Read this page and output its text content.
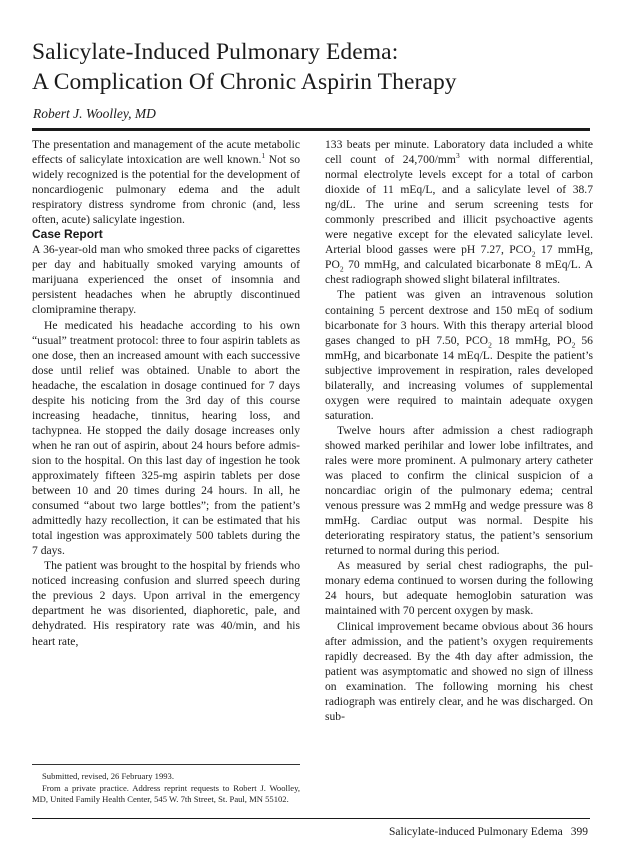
Salicylate-Induced Pulmonary Edema:
A Complication Of Chronic Aspirin Therapy

Robert J. Woolley, MD

The presentation and management of the acute metabolic effects of salicylate intoxication are well known.$^1$ Not so widely recognized is the potential for the development of noncardiogenic pulmonary edema and the adult respiratory distress syndrome from chronic (and, less often, acute) salicylate ingestion.

Case Report

A 36-year-old man who smoked three packs of cigarettes per day and habitually smoked varying amounts of marijuana experienced the onset of insomnia and persistent headaches when he abruptly discontinued clomipramine therapy.

He medicated his headache according to his own “usual” treatment protocol: three to four aspirin tablets as one dose, then an increased amount with each successive dose until relief was obtained. Unable to abort the headache, the escalation in dosage continued for 7 days despite his noticing from the 3rd day of this course increasing headache, tinnitus, hearing loss, and tachypnea. He stopped the daily dosage increases only when he ran out of aspirin, about 24 hours before admission to the hospital. On this last day of ingestion he took approximately fifteen 325-mg aspirin tablets per dose between 10 and 20 times during 24 hours. In all, he consumed “about two large bottles”; from the patient’s admittedly hazy recollection, it can be estimated that his total ingestion was approximately 500 tablets during the 7 days.

The patient was brought to the hospital by friends who noticed increasing confusion and slurred speech during the previous 2 days. Upon arrival in the emergency department he was disoriented, diaphoretic, pale, and dehydrated. His respiratory rate was 40/min, and his heart rate,

133 beats per minute. Laboratory data included a white cell count of $24,700/mm^3$ with normal differential, normal electrolyte levels except for a total of carbon dioxide of 11 mEq/L, and a salicylate level of 38.7 ng/dL. The urine and serum screening tests for commonly prescribed and illicit psychoactive agents were negative except for the elevated salicylate level. Arterial blood gasses were pH 7.27, $PCO_2$ 17 mmHg, $PO_2$ 70 mmHg, and calculated bicarbonate 8 mEq/L. A chest radiograph showed slight bilateral infiltrates.

The patient was given an intravenous solution containing 5 percent dextrose and 150 mEq of sodium bicarbonate for 3 hours. With this therapy arterial blood gases changed to pH 7.50, $PCO_2$ 18 mmHg, $PO_2$ 56 mmHg, and bicarbonate 14 mEq/L. Despite the patient’s subjective improvement in respiration, rales developed bilaterally, and increasing volumes of supplemental oxygen were required to maintain adequate oxygen saturation.

Twelve hours after admission a chest radiograph showed marked perihilar and lower lobe infiltrates, and rales were more prominent. A pulmonary artery catheter was placed to confirm the clinical suspicion of a noncardiac origin of the pulmonary edema; central venous pressure was 2 mmHg and wedge pressure was 8 mmHg. Cardiac output was normal. Despite his deteriorating respiratory status, the patient’s sensorium returned to normal during this period.

As measured by serial chest radiographs, the pulmonary edema continued to worsen during the following 24 hours, but adequate hemoglobin saturation was maintained with 70 percent oxygen by mask.

Clinical improvement became obvious about 36 hours after admission, and the patient’s oxygen requirements rapidly decreased. By the 4th day after admission, the patient was asymptomatic and showed no sign of illness on examination. The following morning his chest radiograph was entirely clear, and he was discharged. On sub-

Submitted, revised, 26 February 1993.

From a private practice. Address reprint requests to Robert J. Woolley, MD, United Family Health Center, 545 W. 7th Street, St. Paul, MN 55102.

Salicylate-induced Pulmonary Edema 399
